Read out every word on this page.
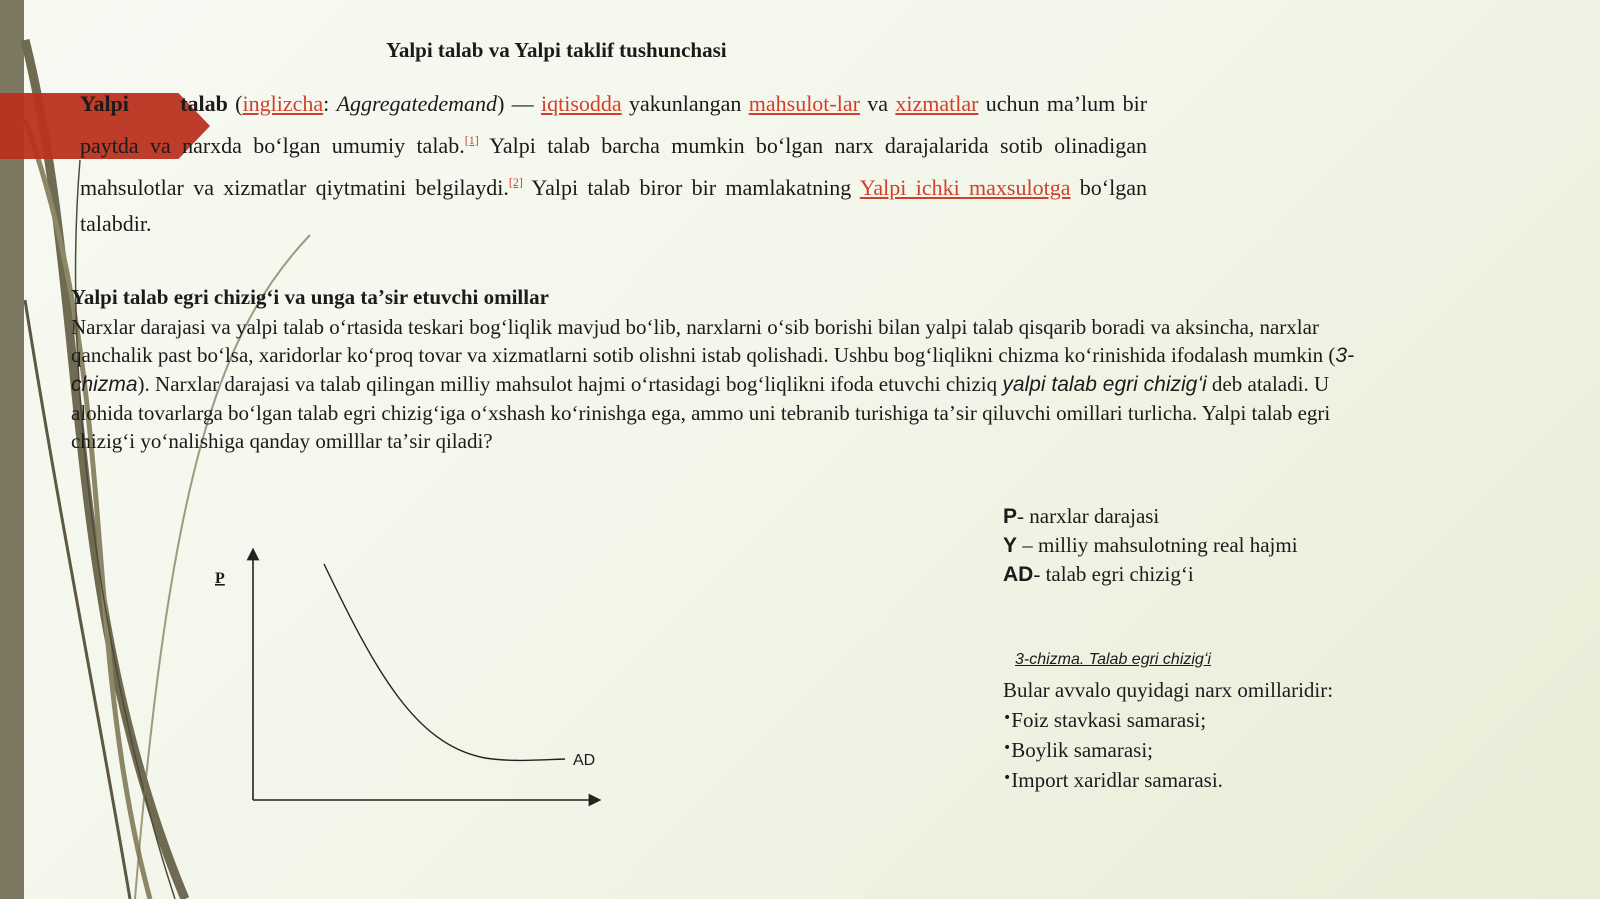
Yalpi talab va Yalpi taklif tushunchasi
Yalpi talab (inglizcha: Aggregatedemand) — iqtisodda yakunlangan mahsulot-lar va xizmatlar uchun ma’lum bir paytda va narxda bo‘lgan umumiy talab.[1] Yalpi talab barcha mumkin bo‘lgan narx darajalarida sotib olinadigan mahsulotlar va xizmatlar qiytmatini belgilaydi.[2] Yalpi talab biror bir mamlakatning Yalpi ichki maxsulotga bo‘lgan talabdir.
Yalpi talab egri chizigʻi va unga taʼsir etuvchi omillar
Narxlar darajasi va yalpi talab oʻrtasida teskari bogʻliqlik mavjud boʻlib, narxlarni oʻsib borishi bilan yalpi talab qisqarib boradi va aksincha, narxlar qanchalik past boʻlsa, xaridorlar koʻproq tovar va xizmatlarni sotib olishni istab qolishadi. Ushbu bogʻliqlikni chizma koʻrinishida ifodalash mumkin (3-chizma). Narxlar darajasi va talab qilingan milliy mahsulot hajmi oʻrtasidagi bogʻliqlikni ifoda etuvchi chiziq yalpi talab egri chizigʻi deb ataladi. U alohida tovarlarga boʻlgan talab egri chizigʻiga oʻxshash koʻrinishga ega, ammo uni tebranib turishiga taʼsir qiluvchi omillari turlicha. Yalpi talab egri chizigʻi yoʻnalishiga qanday omilllar taʼsir qiladi?
P
AD
P- narxlar darajasi
Y – milliy mahsulotning real hajmi
AD- talab egri chizigʻi
3-chizma. Talab egri chizigʻi
Bular avvalo quyidagi narx omillaridir:
•Foiz stavkasi samarasi;
•Boylik samarasi;
•Import xaridlar samarasi.
